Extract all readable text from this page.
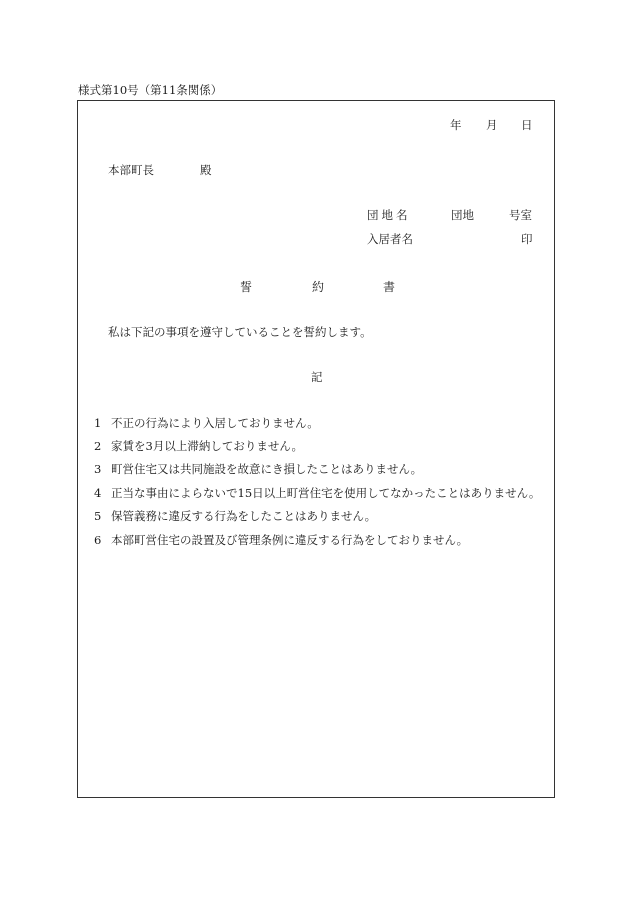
様式第10号（第11条関係）
年 月 日
本部町長	殿
団地名	団地	号室
入居者名	印
誓	約	書
私は下記の事項を遵守していることを誓約します。
記
1 不正の行為により入居しておりません。
2 家賃を3月以上滞納しておりません。
3 町営住宅又は共同施設を故意にき損したことはありません。
4 正当な事由によらないで15日以上町営住宅を使用してなかったことはありません。
5 保管義務に違反する行為をしたことはありません。
6 本部町営住宅の設置及び管理条例に違反する行為をしておりません。
